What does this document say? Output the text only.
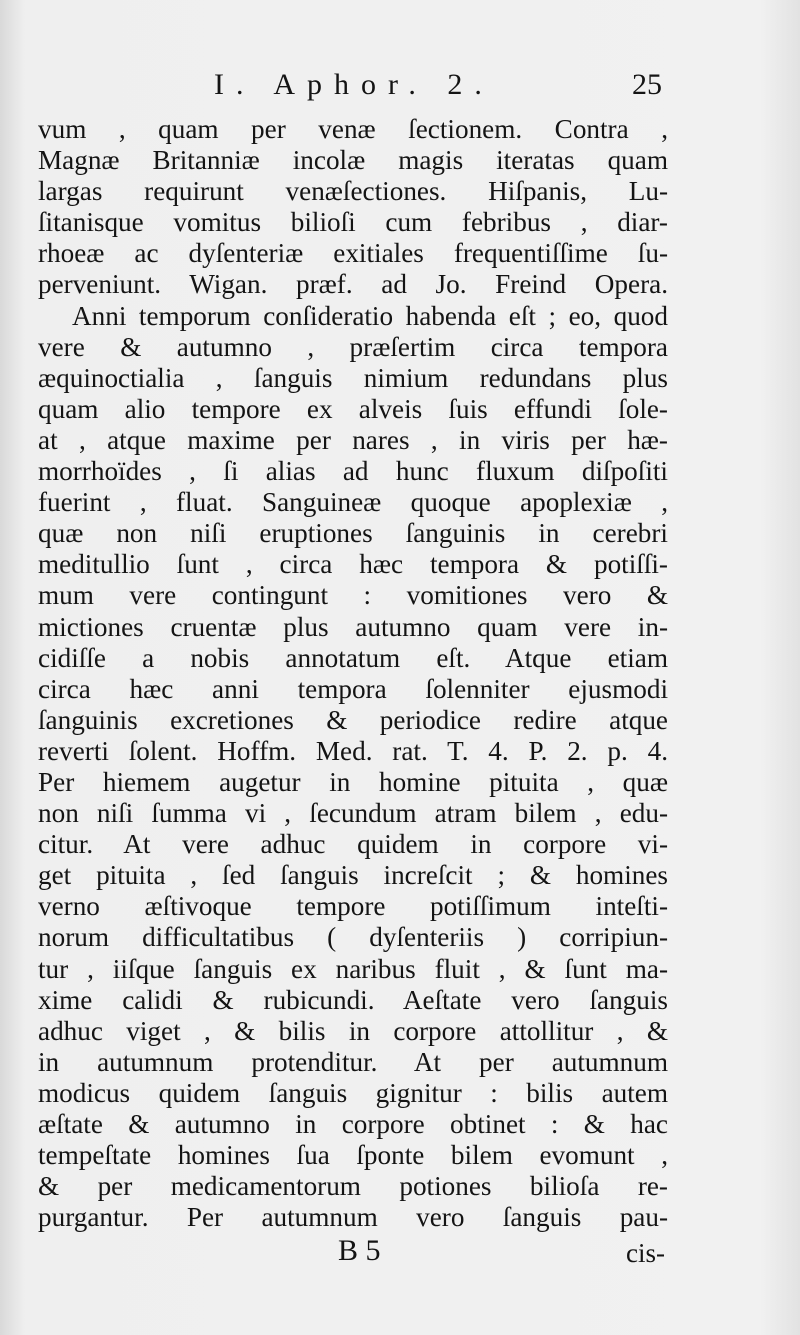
I. Aphor. 2.	25
vum , quam per venæ ſectionem. Contra ,
Magnæ Britanniæ incolæ magis iteratas quam
largas requirunt venæſectiones. Hiſpanis, Lu-
ſitanisque vomitus bilioſi cum febribus , diar-
rhoeæ ac dyſenteriæ exitiales frequentiſſime ſu-
perveniunt. Wigan. præf. ad Jo. Freind Opera.
Anni temporum conſideratio habenda eſt ; eo, quod
vere & autumno , præſertim circa tempora
æquinoctialia , ſanguis nimium redundans plus
quam alio tempore ex alveis ſuis effundi ſole-
at , atque maxime per nares , in viris per hæ-
morrhoïdes , ſi alias ad hunc fluxum diſpoſiti
fuerint , fluat. Sanguineæ quoque apoplexiæ ,
quæ non niſi eruptiones ſanguinis in cerebri
meditullio ſunt , circa hæc tempora & potiſſi-
mum vere contingunt : vomitiones vero &
mictiones cruentæ plus autumno quam vere in-
cidiſſe a nobis annotatum eſt. Atque etiam
circa hæc anni tempora ſolenniter ejusmodi
ſanguinis excretiones & periodice redire atque
reverti ſolent. Hoffm. Med. rat. T. 4. P. 2. p. 4.
Per hiemem augetur in homine pituita , quæ
non niſi ſumma vi , ſecundum atram bilem , edu-
citur. At vere adhuc quidem in corpore vi-
get pituita , ſed ſanguis increſcit ; & homines
verno æſtivoque tempore potiſſimum inteſti-
norum difficultatibus ( dyſenteriis ) corripiun-
tur , iiſque ſanguis ex naribus fluit , & ſunt ma-
xime calidi & rubicundi. Aeſtate vero ſanguis
adhuc viget , & bilis in corpore attollitur , &
in autumnum protenditur. At per autumnum
modicus quidem ſanguis gignitur : bilis autem
æſtate & autumno in corpore obtinet : & hac
tempeſtate homines ſua ſponte bilem evomunt ,
& per medicamentorum potiones bilioſa re-
purgantur. Per autumnum vero ſanguis pau-
B 5	cis-
